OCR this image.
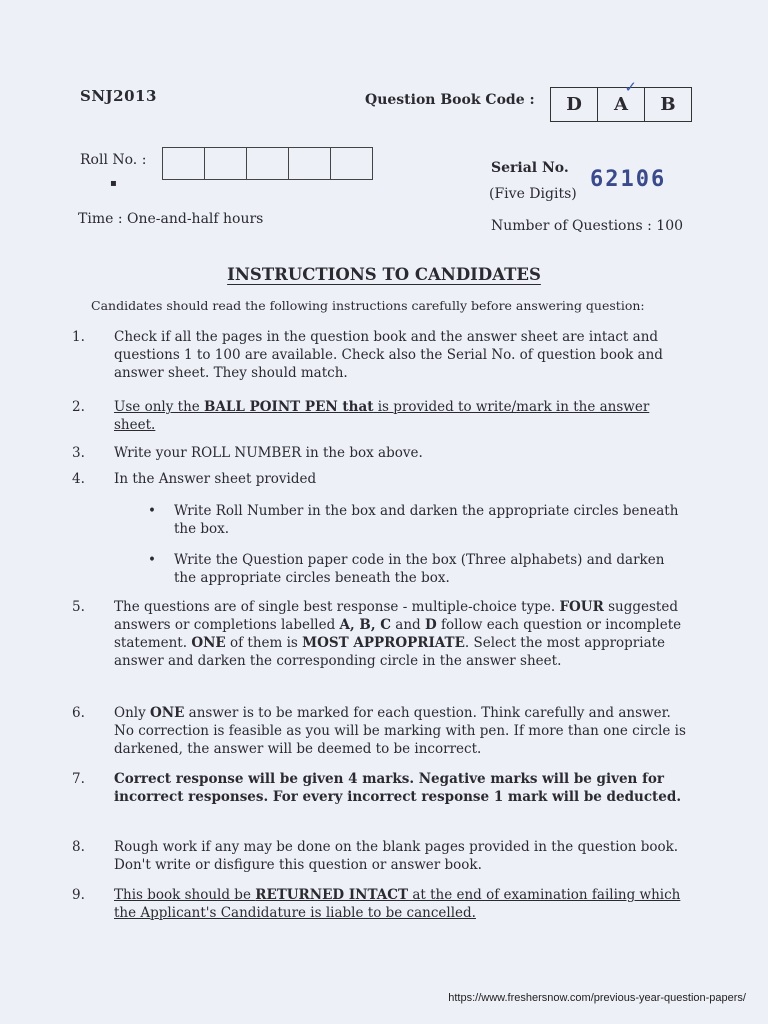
SNJ2013	Question Book Code :	D	A
✓
B
Roll No. :
▪
Serial No.
(Five Digits)
62106
Time : One-and-half hours	Number of Questions : 100
INSTRUCTIONS TO CANDIDATES
Candidates should read the following instructions carefully before answering question:
1.	Check if all the pages in the question book and the answer sheet are intact and questions 1 to 100 are available. Check also the Serial No. of question book and answer sheet. They should match.
2.	Use only the BALL POINT PEN that is provided to write/mark in the answer sheet.
3.	Write your ROLL NUMBER in the box above.
4.	In the Answer sheet provided
• Write Roll Number in the box and darken the appropriate circles beneath the box.
• Write the Question paper code in the box (Three alphabets) and darken the appropriate circles beneath the box.
5.	The questions are of single best response - multiple-choice type. FOUR suggested answers or completions labelled A, B, C and D follow each question or incomplete statement. ONE of them is MOST APPROPRIATE. Select the most appropriate answer and darken the corresponding circle in the answer sheet.
6.	Only ONE answer is to be marked for each question. Think carefully and answer. No correction is feasible as you will be marking with pen. If more than one circle is darkened, the answer will be deemed to be incorrect.
7.	Correct response will be given 4 marks. Negative marks will be given for incorrect responses. For every incorrect response 1 mark will be deducted.
8.	Rough work if any may be done on the blank pages provided in the question book. Don't write or disfigure this question or answer book.
9.	This book should be RETURNED INTACT at the end of examination failing which the Applicant's Candidature is liable to be cancelled.
https://www.freshersnow.com/previous-year-question-papers/
